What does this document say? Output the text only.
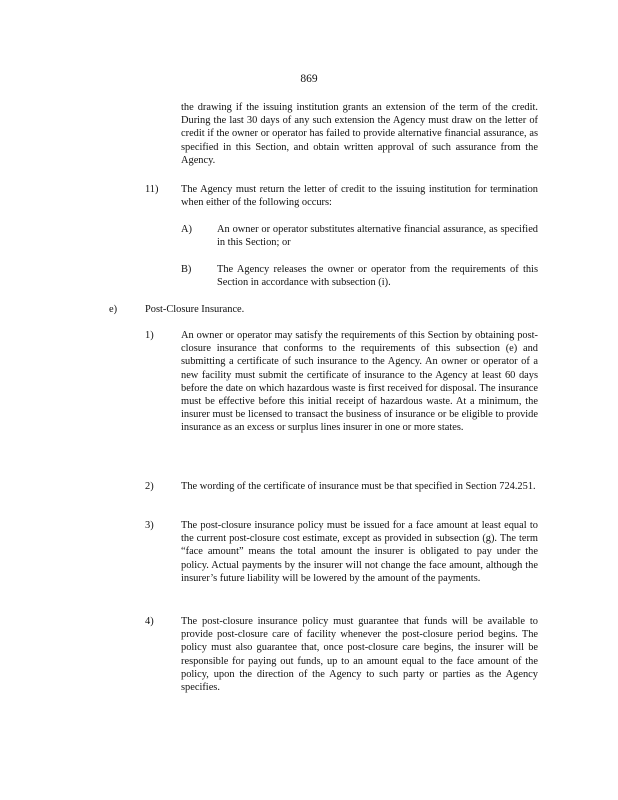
869
the drawing if the issuing institution grants an extension of the term of the credit. During the last 30 days of any such extension the Agency must draw on the letter of credit if the owner or operator has failed to provide alternative financial assurance, as specified in this Section, and obtain written approval of such assurance from the Agency.
11) The Agency must return the letter of credit to the issuing institution for termination when either of the following occurs:
A) An owner or operator substitutes alternative financial assurance, as specified in this Section; or
B) The Agency releases the owner or operator from the requirements of this Section in accordance with subsection (i).
e)	Post-Closure Insurance.
1)	An owner or operator may satisfy the requirements of this Section by obtaining post-closure insurance that conforms to the requirements of this subsection (e) and submitting a certificate of such insurance to the Agency. An owner or operator of a new facility must submit the certificate of insurance to the Agency at least 60 days before the date on which hazardous waste is first received for disposal. The insurance must be effective before this initial receipt of hazardous waste. At a minimum, the insurer must be licensed to transact the business of insurance or be eligible to provide insurance as an excess or surplus lines insurer in one or more states.
2)	The wording of the certificate of insurance must be that specified in Section 724.251.
3)	The post-closure insurance policy must be issued for a face amount at least equal to the current post-closure cost estimate, except as provided in subsection (g). The term “face amount” means the total amount the insurer is obligated to pay under the policy. Actual payments by the insurer will not change the face amount, although the insurer’s future liability will be lowered by the amount of the payments.
4)	The post-closure insurance policy must guarantee that funds will be available to provide post-closure care of facility whenever the post-closure period begins. The policy must also guarantee that, once post-closure care begins, the insurer will be responsible for paying out funds, up to an amount equal to the face amount of the policy, upon the direction of the Agency to such party or parties as the Agency specifies.
